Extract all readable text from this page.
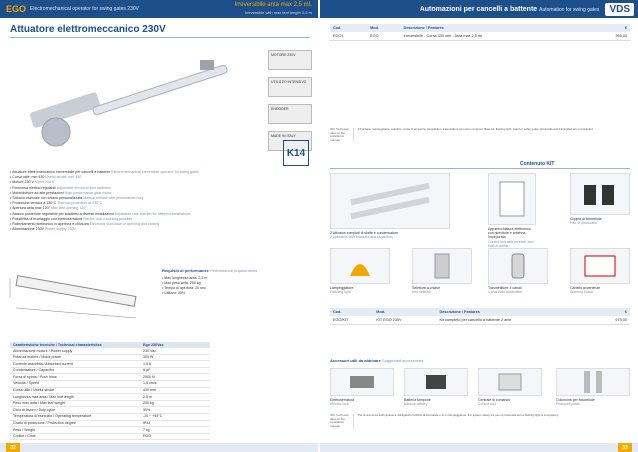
EGO Electromechanical operator for swing gates 230V
Irreversibile anta max 2,5 mt.
Irreversible with max leaf length 2,5 m
Attuatore elettromeccanico 230V
MOTORE 230V
UTILIZZO INTENSIVO
ENCODER
MADE IN ITALY
K14
• Attuatore elettromeccanico irreversibile per cancelli a battente Electromechanical irreversible operator for swing gates
• Corsa utile: mm 430 Useful stroke: mm 430
• Motore 230 V Motor 230 V
• Finecorsa elettrici regolabili Adjustable electrical limit switches
• Motoriduttore ad alte prestazioni High-performance gear motor
• Sblocco manuale con chiave personalizzata Manual release with personalized key
• Protezione termica a 130°C Thermal protection at 130°C
• Apertura anta max 120° Max leaf opening 120°
• Attacco posteriore regolabile per adattarsi a diverse installazioni Adjustable rear bracket for different installations
• Possibilità di montaggio con elettroserratura Electric lock mounting possible
• Rallentamento elettronico in apertura e chiusura Electronic slowdown in opening and closing
• Alimentazione 230V Power supply 230V
Requisiti di performance Performance requirements
• Max lunghezza anta: 2,5 m
• Max peso anta: 250 kg
• Tempo di apertura: 20 sec
• Utilizzo: 30%
Caratteristiche tecniche / Technical characteristics	Ego 230Vac
Alimentazione motore / Power supply	230 Vac
Potenza motore / Motor power	300 W
Corrente assorbita / Absorbed current	1,5 A
Condensatore / Capacitor	8 µF
Forza di spinta / Push force	2500 N
Velocità / Speed	1,6 cm/s
Corsa utile / Useful stroke	430 mm
Lunghezza max anta / Max leaf length	2,5 m
Peso max anta / Max leaf weight	250 kg
Ciclo di lavoro / Duty cycle	30%
Temperatura di esercizio / Operating temperature	-20 ÷ +55°C
Grado di protezione / Protection degree	IP44
Peso / Weight	7 kg
Codice / Code	EGO
32
Automazioni per cancelli a battente Automation for swing gates	VDS
Cod.	Mod.	Descrizione / Features	€
EGO1	EGO	Irreversibile - Corsa 430 mm - Anta max 2,5 mt	365,00
IRC Technical data on the installation manual
Kit di base, lampeggiante, selettore, costa di sicurezza, fotocellule e trasmettitore non sono compresi. Base kit, flashing light, selector, safety edge, photocells and transmitter are not included.
Contenuto KIT
2 Attuatori completi di staffe e condensatore
2 operators with brackets and capacitors
Apparecchiatura elettronica con ricevitore e antenna incorporata
Control unit with receiver and built-in aerial
Coppia di fotocellule
Pair of photocells
Lampeggiatore
Flashing light
Selettore a chiave
Key selector
Trasmettitore 4 canali
4 channels transmitter
Cartello avvertenze
Warning board
Cod.	Mod.	Descrizione / Features	€
EGO/KIT	KIT EGO 230V	Kit completo per cancello a battente 2 ante	975,00
Accessori utili da abbinare Suggested accessories
Elettroserratura
Electric lock
Batteria tampone
Backup battery
Centrale di comando
Control unit
Colonnine per fotocellule
Photocell posts
IRC Technical data on the installation manual
Per la sicurezza dell'impianto è obbligatorio l'utilizzo di fotocellule e di un lampeggiatore. For system safety the use of photocells and a flashing light is compulsory.
33
